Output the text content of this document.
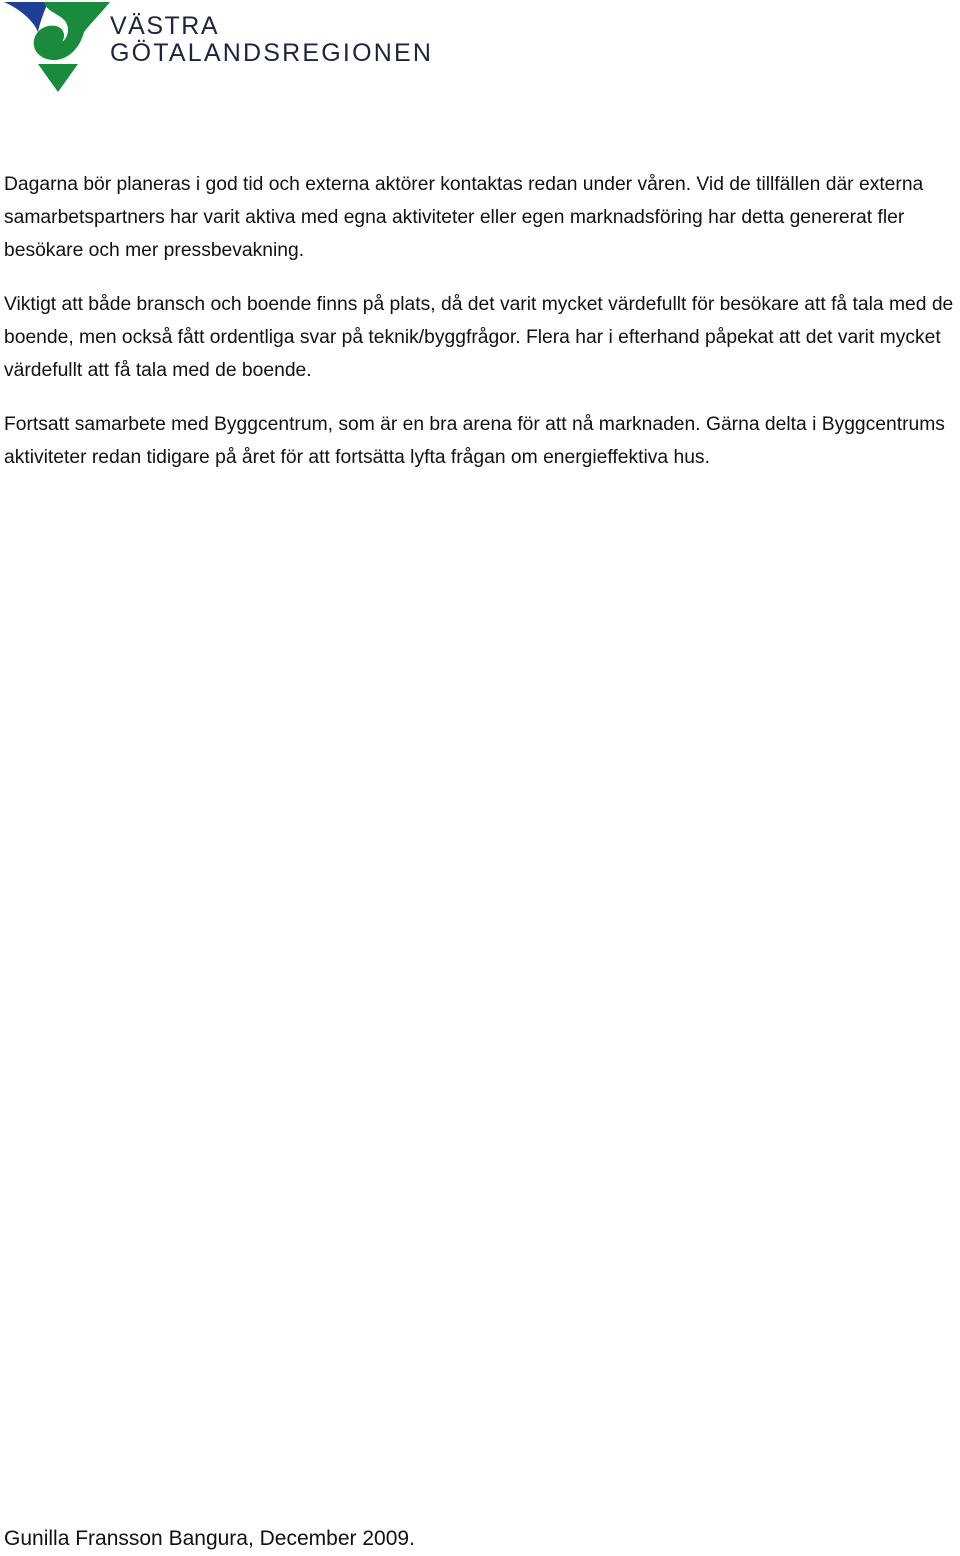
VÄSTRA
GÖTALANDSREGIONEN

Dagarna bör planeras i god tid och externa aktörer kontaktas redan under våren. Vid de tillfällen där externa samarbetspartners har varit aktiva med egna aktiviteter eller egen marknadsföring har detta genererat fler besökare och mer pressbevakning.

Viktigt att både bransch och boende finns på plats, då det varit mycket värdefullt för besökare att få tala med de boende, men också fått ordentliga svar på teknik/byggfrågor. Flera har i efterhand påpekat att det varit mycket värdefullt att få tala med de boende.

Fortsatt samarbete med Byggcentrum, som är en bra arena för att nå marknaden. Gärna delta i Byggcentrums aktiviteter redan tidigare på året för att fortsätta lyfta frågan om energieffektiva hus.

Gunilla Fransson Bangura, December 2009.
